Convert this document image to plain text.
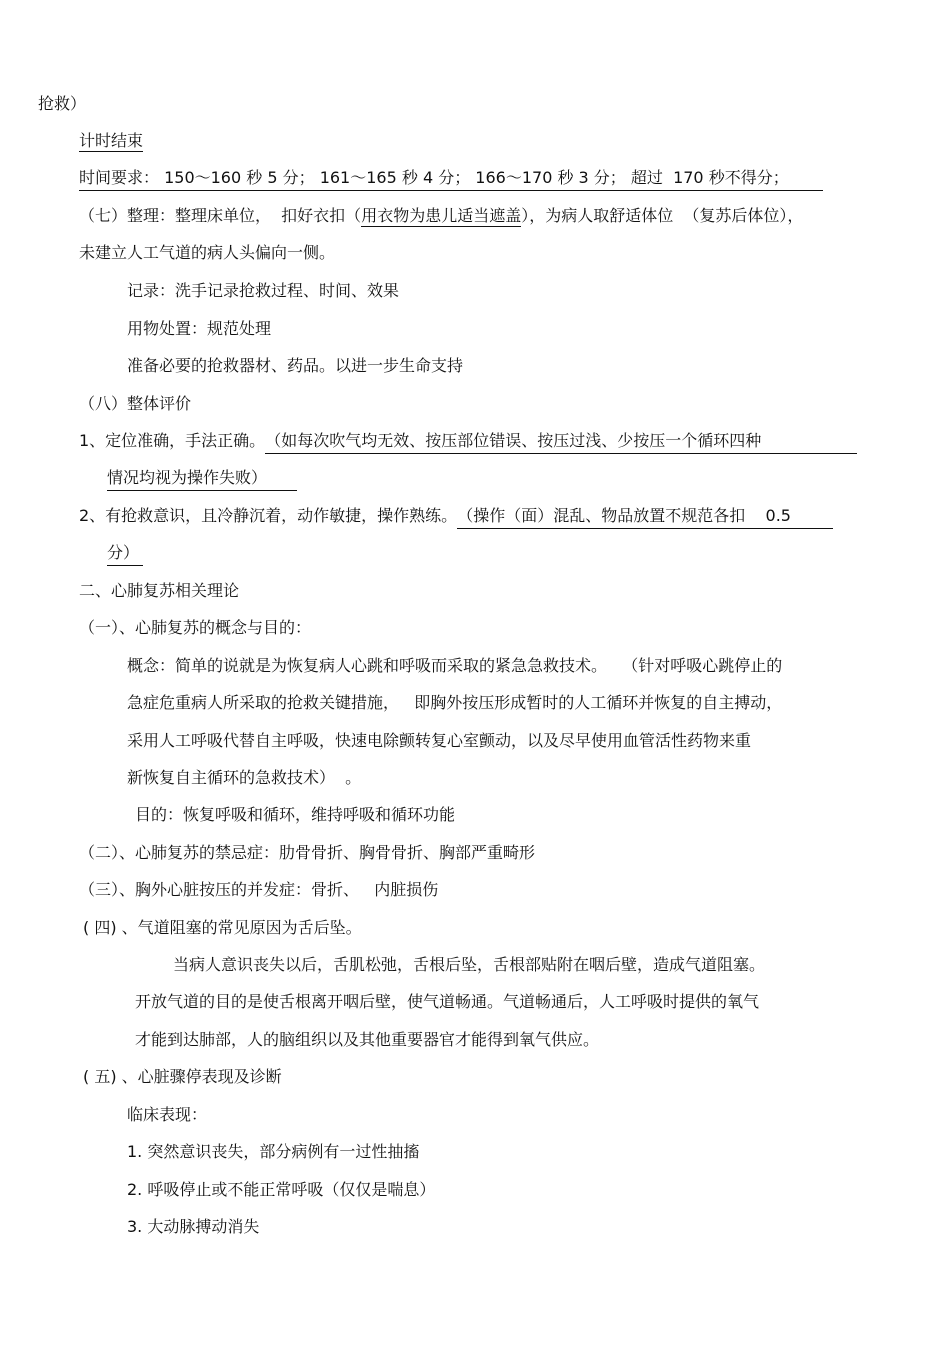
抢救）
计时结束
时间要求： 150～160 秒 5 分； 161～165 秒 4 分； 166～170 秒 3 分； 超过  170 秒不得分；
（七）整理：整理床单位，  扣好衣扣（用衣物为患儿适当遮盖），为病人取舒适体位  （复苏后体位），
未建立人工气道的病人头偏向一侧。
记录：洗手记录抢救过程、时间、效果
用物处置：规范处理
准备必要的抢救器材、药品。以进一步生命支持
（八）整体评价
1、定位准确，手法正确。（如每次吹气均无效、按压部位错误、按压过浅、少按压一个循环四种
情况均视为操作失败）
2、有抢救意识，且冷静沉着，动作敏捷，操作熟练。（操作（面）混乱、物品放置不规范各扣    0.5
分）
二、心肺复苏相关理论
（一）、心肺复苏的概念与目的：
概念：简单的说就是为恢复病人心跳和呼吸而采取的紧急急救技术。   （针对呼吸心跳停止的
急症危重病人所采取的抢救关键措施，   即胸外按压形成暂时的人工循环并恢复的自主搏动，
采用人工呼吸代替自主呼吸，快速电除颤转复心室颤动，以及尽早使用血管活性药物来重
新恢复自主循环的急救技术）  。
目的：恢复呼吸和循环，维持呼吸和循环功能
（二）、心肺复苏的禁忌症：肋骨骨折、胸骨骨折、胸部严重畸形
（三）、胸外心脏按压的并发症：骨折、   内脏损伤
( 四) 、气道阻塞的常见原因为舌后坠。
当病人意识丧失以后，舌肌松弛，舌根后坠，舌根部贴附在咽后壁，造成气道阻塞。
开放气道的目的是使舌根离开咽后壁，使气道畅通。气道畅通后，人工呼吸时提供的氧气
才能到达肺部，人的脑组织以及其他重要器官才能得到氧气供应。
( 五) 、心脏骤停表现及诊断
临床表现：
1. 突然意识丧失，部分病例有一过性抽搐
2. 呼吸停止或不能正常呼吸（仅仅是喘息）
3. 大动脉搏动消失
